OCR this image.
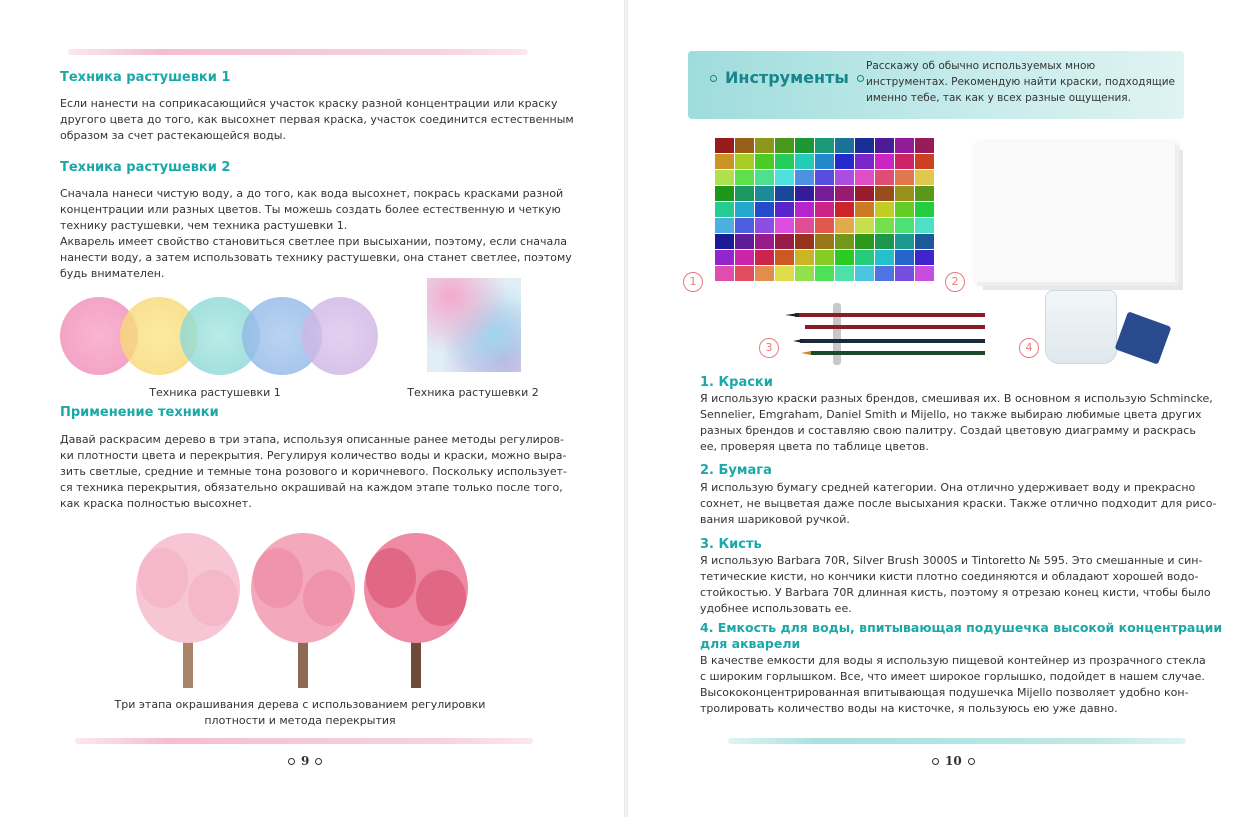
Техника растушевки 1

Если нанести на соприкасающийся участок краску разной концентрации или краску

другого цвета до того, как высохнет первая краска, участок соединится естественным

образом за счет растекающейся воды.

Техника растушевки 2

Сначала нанеси чистую воду, а до того, как вода высохнет, покрась красками разной

концентрации или разных цветов. Ты можешь создать более естественную и четкую

технику растушевки, чем техника растушевки 1.

Акварель имеет свойство становиться светлее при высыхании, поэтому, если сначала

нанести воду, а затем использовать технику растушевки, она станет светлее, поэтому

будь внимателен.

Техника растушевки 1	Техника растушевки 2
Применение техники

Давай раскрасим дерево в три этапа, используя описанные ранее методы регулиров-

ки плотности цвета и перекрытия. Регулируя количество воды и краски, можно выра-

зить светлые, средние и темные тона розового и коричневого. Поскольку использует-

ся техника перекрытия, обязательно окрашивай на каждом этапе только после того,

как краска полностью высохнет.

Три этапа окрашивания дерева с использованием регулировки
плотности и метода перекрытия
9
Инструменты
Расскажу об обычно используемых мною инструментах. Рекомендую найти краски, подходящие именно тебе, так как у всех разные ощущения.
1	2
3	4
1. Краски

Я использую краски разных брендов, смешивая их. В основном я использую Schmincke,

Sennelier, Emgraham, Daniel Smith и Mijello, но также выбираю любимые цвета других

разных брендов и составляю свою палитру. Создай цветовую диаграмму и раскрась

ее, проверяя цвета по таблице цветов.

2. Бумага

Я использую бумагу средней категории. Она отлично удерживает воду и прекрасно

сохнет, не выцветая даже после высыхания краски. Также отлично подходит для рисо-

вания шариковой ручкой.

3. Кисть

Я использую Barbara 70R, Silver Brush 3000S и Tintoretto № 595. Это смешанные и син-

тетические кисти, но кончики кисти плотно соединяются и обладают хорошей водо-

стойкостью. У Barbara 70R длинная кисть, поэтому я отрезаю конец кисти, чтобы было

удобнее использовать ее.

4. Емкость для воды, впитывающая подушечка высокой концентрации
для акварели

В качестве емкости для воды я использую пищевой контейнер из прозрачного стекла

с широким горлышком. Все, что имеет широкое горлышко, подойдет в нашем случае.

Высококонцентрированная впитывающая подушечка Mijello позволяет удобно кон-

тролировать количество воды на кисточке, я пользуюсь ею уже давно.

10
